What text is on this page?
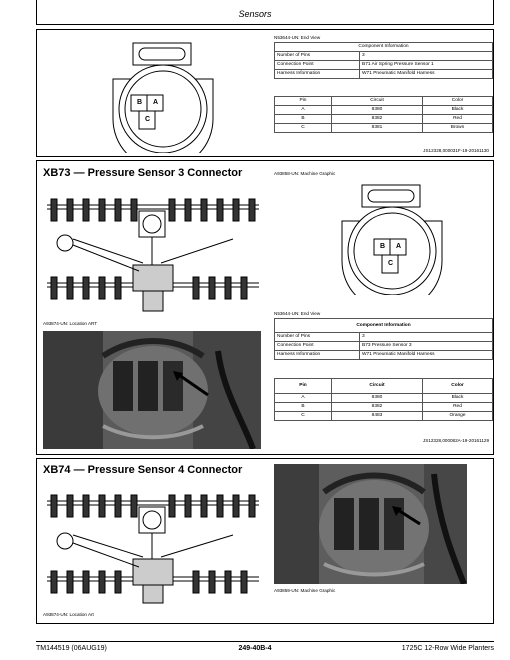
Sensors
B A
C
N53644-UN: End View
Component Information	
Number of Pins	3
Connection Point	B71 Air Spring Pressure Sensor 1
Harness Information	W71 Pneumatic Manifold Harness
Pin	Circuit	Color
A	8380	Black
B	8382	Red
C	8381	Brown
JS12328,000031F-19-20161130
XB73 — Pressure Sensor 3 Connector
A93874-UN: Location ART
A93858-UN: Machine Graphic
B A
C
N53644-UN: End View
Component Information	
Number of Pins	3
Connection Point	B73 Pressure Sensor 3
Harness Information	W71 Pneumatic Manifold Harness
Pin	Circuit	Color
A	8380	Black
B	8382	Red
C	8483	Orange
JS12328,000082A-19-20161129
XB74 — Pressure Sensor 4 Connector
A93874-UN: Location Art
A93859-UN: Machine Graphic
TM144519 (06AUG19)	249-40B-4	1725C 12-Row Wide Planters
